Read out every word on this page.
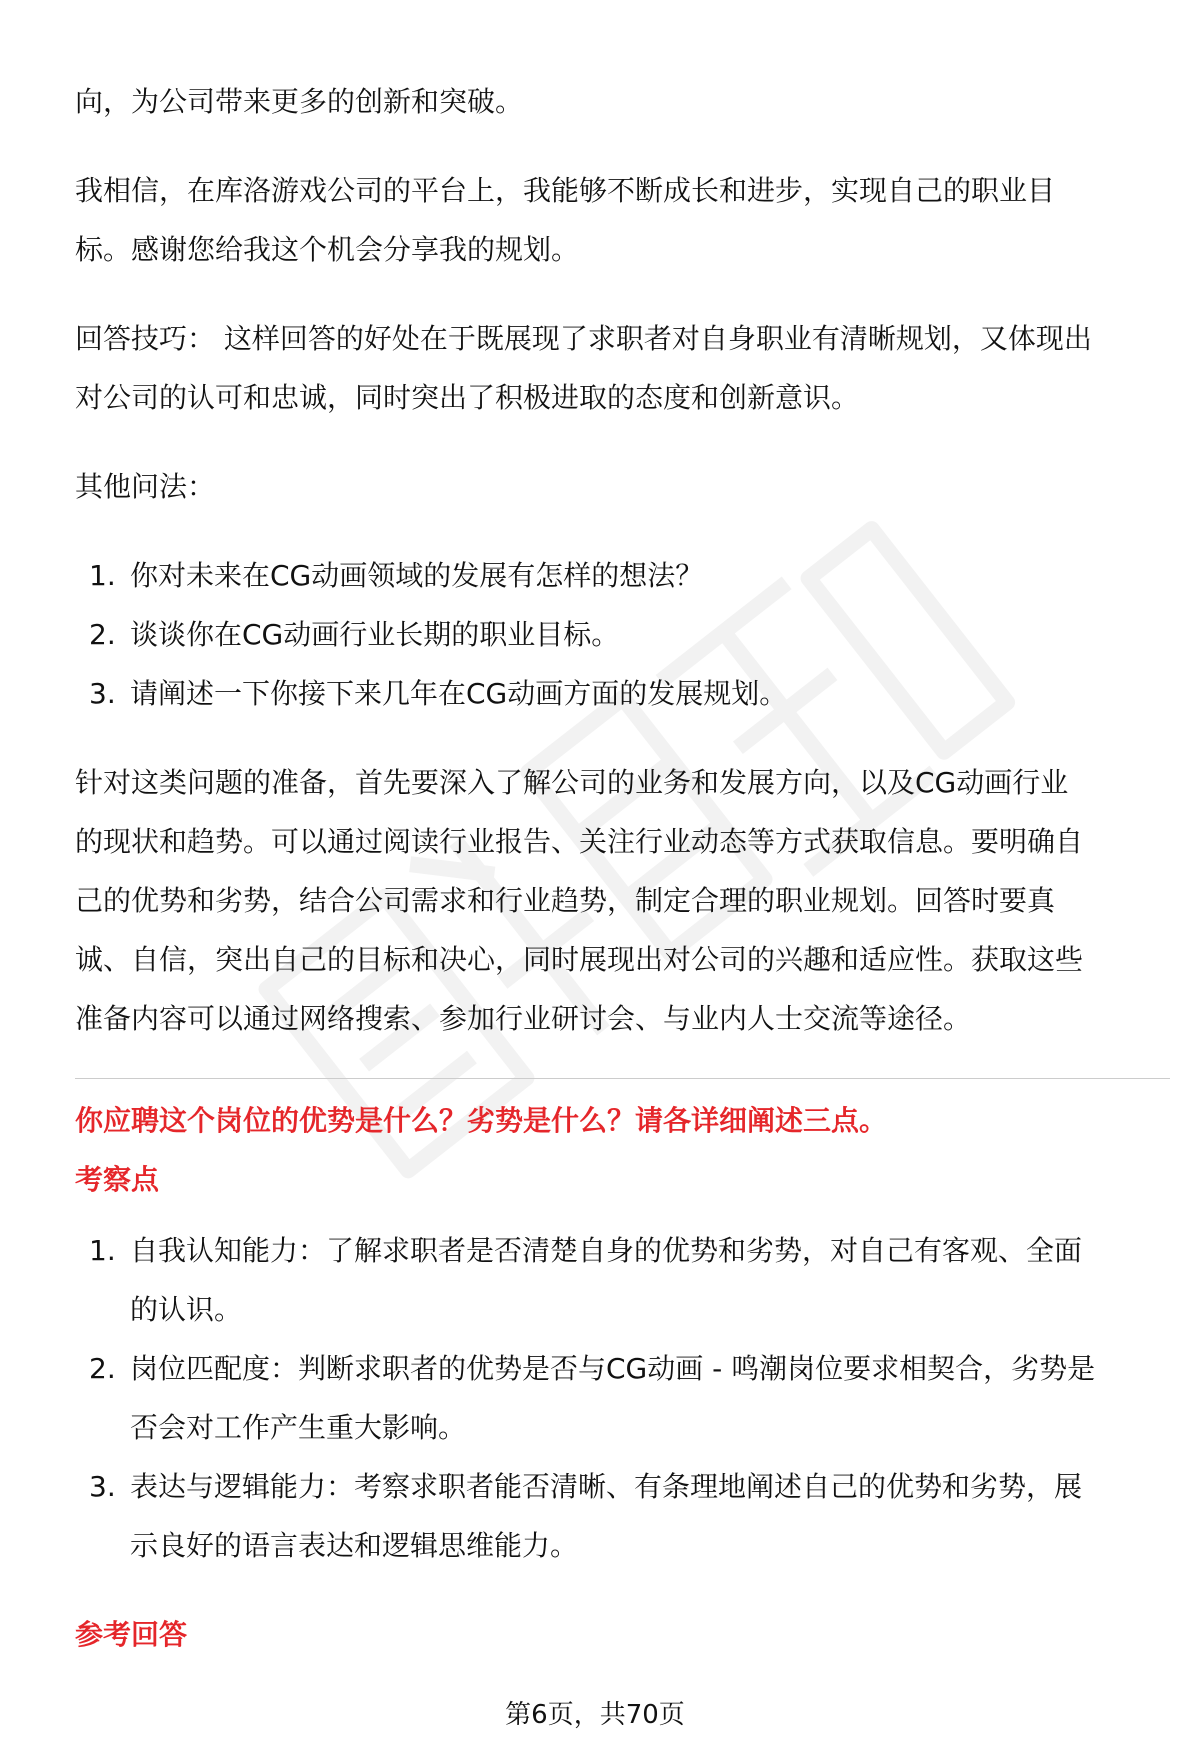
向，为公司带来更多的创新和突破。

我相信，在库洛游戏公司的平台上，我能够不断成长和进步，实现自己的职业目

标。感谢您给我这个机会分享我的规划。

回答技巧： 这样回答的好处在于既展现了求职者对自身职业有清晰规划，又体现出

对公司的认可和忠诚，同时突出了积极进取的态度和创新意识。

其他问法：

1. 你对未来在CG动画领域的发展有怎样的想法？
2. 谈谈你在CG动画行业长期的职业目标。
3. 请阐述一下你接下来几年在CG动画方面的发展规划。

针对这类问题的准备，首先要深入了解公司的业务和发展方向，以及CG动画行业

的现状和趋势。可以通过阅读行业报告、关注行业动态等方式获取信息。要明确自

己的优势和劣势，结合公司需求和行业趋势，制定合理的职业规划。回答时要真

诚、自信，突出自己的目标和决心，同时展现出对公司的兴趣和适应性。获取这些

准备内容可以通过网络搜索、参加行业研讨会、与业内人士交流等途径。

你应聘这个岗位的优势是什么？劣势是什么？请各详细阐述三点。

考察点

1. 自我认知能力：了解求职者是否清楚自身的优势和劣势，对自己有客观、全面
的认识。
2. 岗位匹配度：判断求职者的优势是否与CG动画 - 鸣潮岗位要求相契合，劣势是
否会对工作产生重大影响。
3. 表达与逻辑能力：考察求职者能否清晰、有条理地阐述自己的优势和劣势，展
示良好的语言表达和逻辑思维能力。

参考回答

第6页，共70页
